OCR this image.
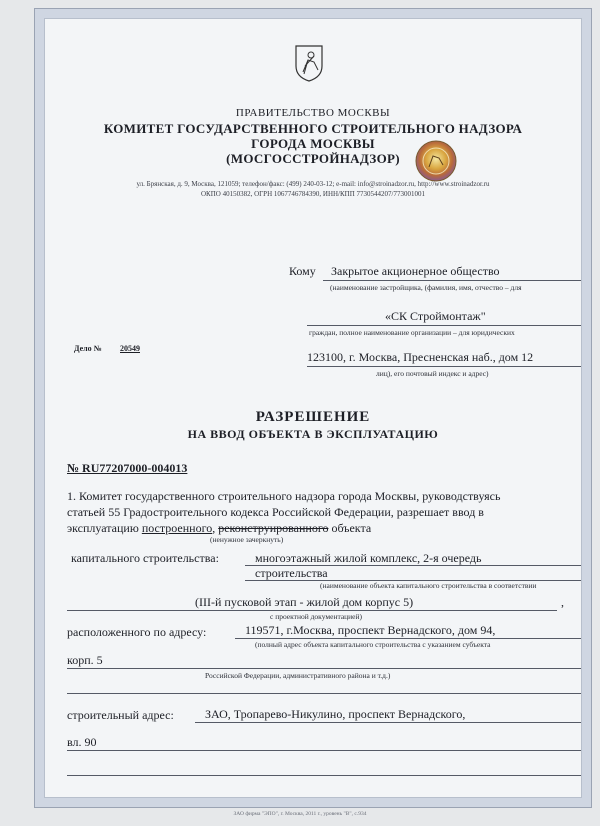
ПРАВИТЕЛЬСТВО МОСКВЫ
КОМИТЕТ ГОСУДАРСТВЕННОГО СТРОИТЕЛЬНОГО НАДЗОРА
ГОРОДА МОСКВЫ
(МОСГОССТРОЙНАДЗОР)
ул. Брянская, д. 9, Москва, 121059; телефон/факс: (499) 240-03-12; e-mail: info@stroinadzor.ru, http://www.stroinadzor.ru
ОКПО 40150382, ОГРН 1067746784390, ИНН/КПП 7730544207/773001001
Кому Закрытое акционерное общество
(наименование застройщика, (фамилия, имя, отчество – для
«СК Строймонтаж"
граждан, полное наименование организации – для юридических
Дело № 20549
123100, г. Москва, Пресненская наб., дом 12
лиц), его почтовый индекс и адрес)
РАЗРЕШЕНИЕ
НА ВВОД ОБЪЕКТА В ЭКСПЛУАТАЦИЮ
№ RU77207000-004013
1. Комитет государственного строительного надзора города Москвы, руководствуясь
статьей 55 Градостроительного кодекса Российской Федерации, разрешает ввод в
эксплуатацию построенного, реконструированного объекта
(ненужное зачеркнуть)
капитального строительства:	многоэтажный жилой комплекс, 2-я очередь
строительства
(наименование объекта капитального строительства в соответствии
(III-й пусковой этап - жилой дом корпус 5)	,
с проектной документацией)
расположенного по адресу:	119571, г.Москва, проспект Вернадского, дом 94,
(полный адрес объекта капитального строительства с указанием субъекта
корп. 5
Российской Федерации, административного района и т.д.)
строительный адрес:	ЗАО, Тропарево-Никулино, проспект Вернадского,
вл. 90
ЗАО фирма "ЭПО", г. Москва, 2011 г., уровень "В", с.934
